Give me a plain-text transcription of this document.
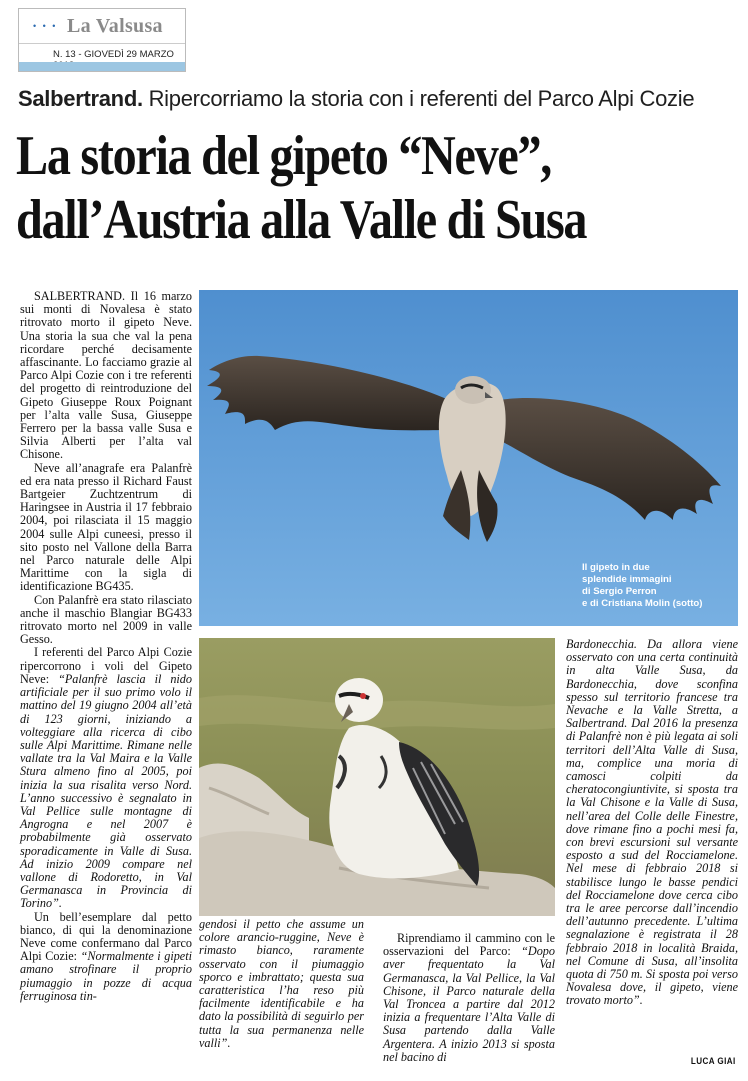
• • • La Valsusa
N. 13 - GIOVEDÌ 29 MARZO
Salbertrand. Ripercorriamo la storia con i referenti del Parco Alpi Cozie
La storia del gipeto “Neve”,
dall’Austria alla Valle di Susa

SALBERTRAND. Il 16 marzo sui monti di Novalesa è stato ritrovato morto il gipeto Neve. Una storia la sua che val la pena ricordare perché decisamente affascinante. Lo facciamo grazie al Parco Alpi Cozie con i tre referenti del progetto di reintroduzione del Gipeto Giuseppe Roux Poignant per l’alta valle Susa, Giuseppe Ferrero per la bassa valle Susa e Silvia Alberti per l’alta val Chisone.

Neve all’anagrafe era Palanfrè ed era nata presso il Richard Faust Bartgeier Zuchtzentrum di Haringsee in Austria il 17 febbraio 2004, poi rilasciata il 15 maggio 2004 sulle Alpi cuneesi, presso il sito posto nel Vallone della Barra nel Parco naturale delle Alpi Marittime con la sigla di identificazione BG435.

Con Palanfrè era stato rilasciato anche il maschio Blangiar BG433 ritrovato morto nel 2009 in valle Gesso.

I referenti del Parco Alpi Cozie ripercorrono i voli del Gipeto Neve: “Palanfrè lascia il nido artificiale per il suo primo volo il mattino del 19 giugno 2004 all’età di 123 giorni, iniziando a volteggiare alla ricerca di cibo sulle Alpi Marittime. Rimane nelle vallate tra la Val Maira e la Valle Stura almeno fino al 2005, poi inizia la sua risalita verso Nord. L’anno successivo è segnalato in Val Pellice sulle montagne di Angrogna e nel 2007 è probabilmente già osservato sporadicamente in Valle di Susa. Ad inizio 2009 compare nel vallone di Rodoretto, in Val Germanasca in Provincia di Torino”.

Un bell’esemplare dal petto bianco, di qui la denominazione Neve come confermano dal Parco Alpi Cozie: “Normalmente i gipeti amano strofinare il proprio piumaggio in pozze di acqua ferruginosa tin-

Il gipeto in due
splendide immagini
di Sergio Perron
e di Cristiana Molin (sotto)

gendosi il petto che assume un colore arancio-ruggine, Neve è rimasto bianco, raramente osservato con il piumaggio sporco e imbrattato; questa sua caratteristica l’ha reso più facilmente identificabile e ha dato la possibilità di seguirlo per tutta la sua permanenza nelle valli”.

Riprendiamo il cammino con le osservazioni del Parco: “Dopo aver frequentato la Val Germanasca, la Val Pellice, la Val Chisone, il Parco naturale della Val Troncea a partire dal 2012 inizia a frequentare l’Alta Valle di Susa partendo dalla Valle Argentera. A inizio 2013 si sposta nel bacino di

Bardonecchia. Da allora viene osservato con una certa continuità in alta Valle Susa, da Bardonecchia, dove sconfina spesso sul territorio francese tra Nevache e la Valle Stretta, a Salbertrand. Dal 2016 la presenza di Palanfrè non è più legata ai soli territori dell’Alta Valle di Susa, ma, complice una moria di camosci colpiti da cheratocongiuntivite, si sposta tra la Val Chisone e la Valle di Susa, nell’area del Colle delle Finestre, dove rimane fino a pochi mesi fa, con brevi escursioni sul versante esposto a sud del Rocciamelone. Nel mese di febbraio 2018 si stabilisce lungo le basse pendici del Rocciamelone dove cerca cibo tra le aree percorse dall’incendio dell’autunno precedente. L’ultima segnalazione è registrata il 28 febbraio 2018 in località Braida, nel Comune di Susa, all’insolita quota di 750 m. Si sposta poi verso Novalesa dove, il gipeto, viene trovato morto”.

LUCA GIAI
